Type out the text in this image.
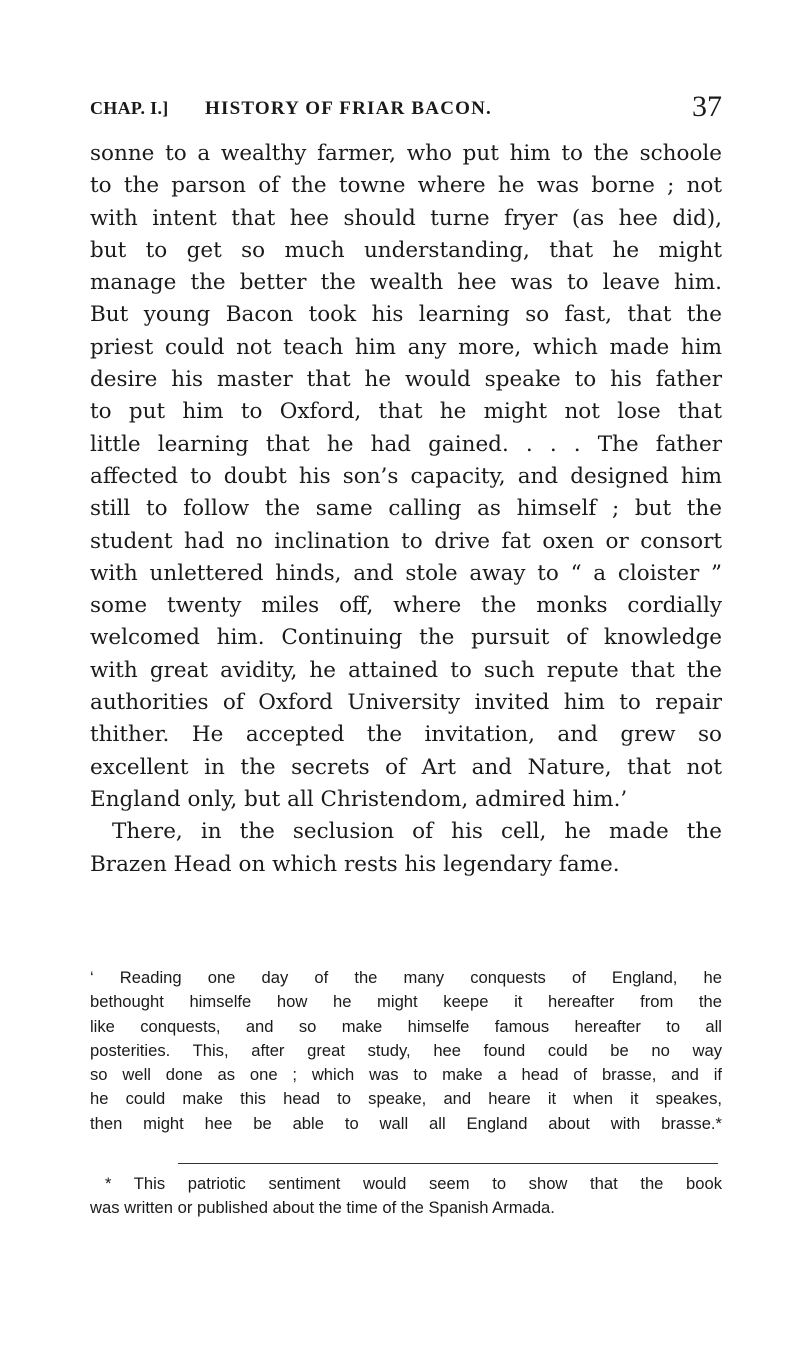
CHAP. I.] HISTORY OF FRIAR BACON.	37
sonne to a wealthy farmer, who put him to the schoole
to the parson of the towne where he was borne ; not
with intent that hee should turne fryer (as hee did),
but to get so much understanding, that he might
manage the better the wealth hee was to leave him.
But young Bacon took his learning so fast, that the
priest could not teach him any more, which made him
desire his master that he would speake to his father
to put him to Oxford, that he might not lose that
little learning that he had gained. . . . The father
affected to doubt his son’s capacity, and designed him
still to follow the same calling as himself ; but the
student had no inclination to drive fat oxen or consort
with unlettered hinds, and stole away to “ a cloister ”
some twenty miles off, where the monks cordially
welcomed him. Continuing the pursuit of knowledge
with great avidity, he attained to such repute that the
authorities of Oxford University invited him to repair
thither. He accepted the invitation, and grew so
excellent in the secrets of Art and Nature, that not
England only, but all Christendom, admired him.’
There, in the seclusion of his cell, he made the
Brazen Head on which rests his legendary fame.
‘ Reading one day of the many conquests of England, he
bethought himselfe how he might keepe it hereafter from the
like conquests, and so make himselfe famous hereafter to all
posterities. This, after great study, hee found could be no way
so well done as one ; which was to make a head of brasse, and if
he could make this head to speake, and heare it when it speakes,
then might hee be able to wall all England about with brasse.*
* This patriotic sentiment would seem to show that the book
was written or published about the time of the Spanish Armada.
